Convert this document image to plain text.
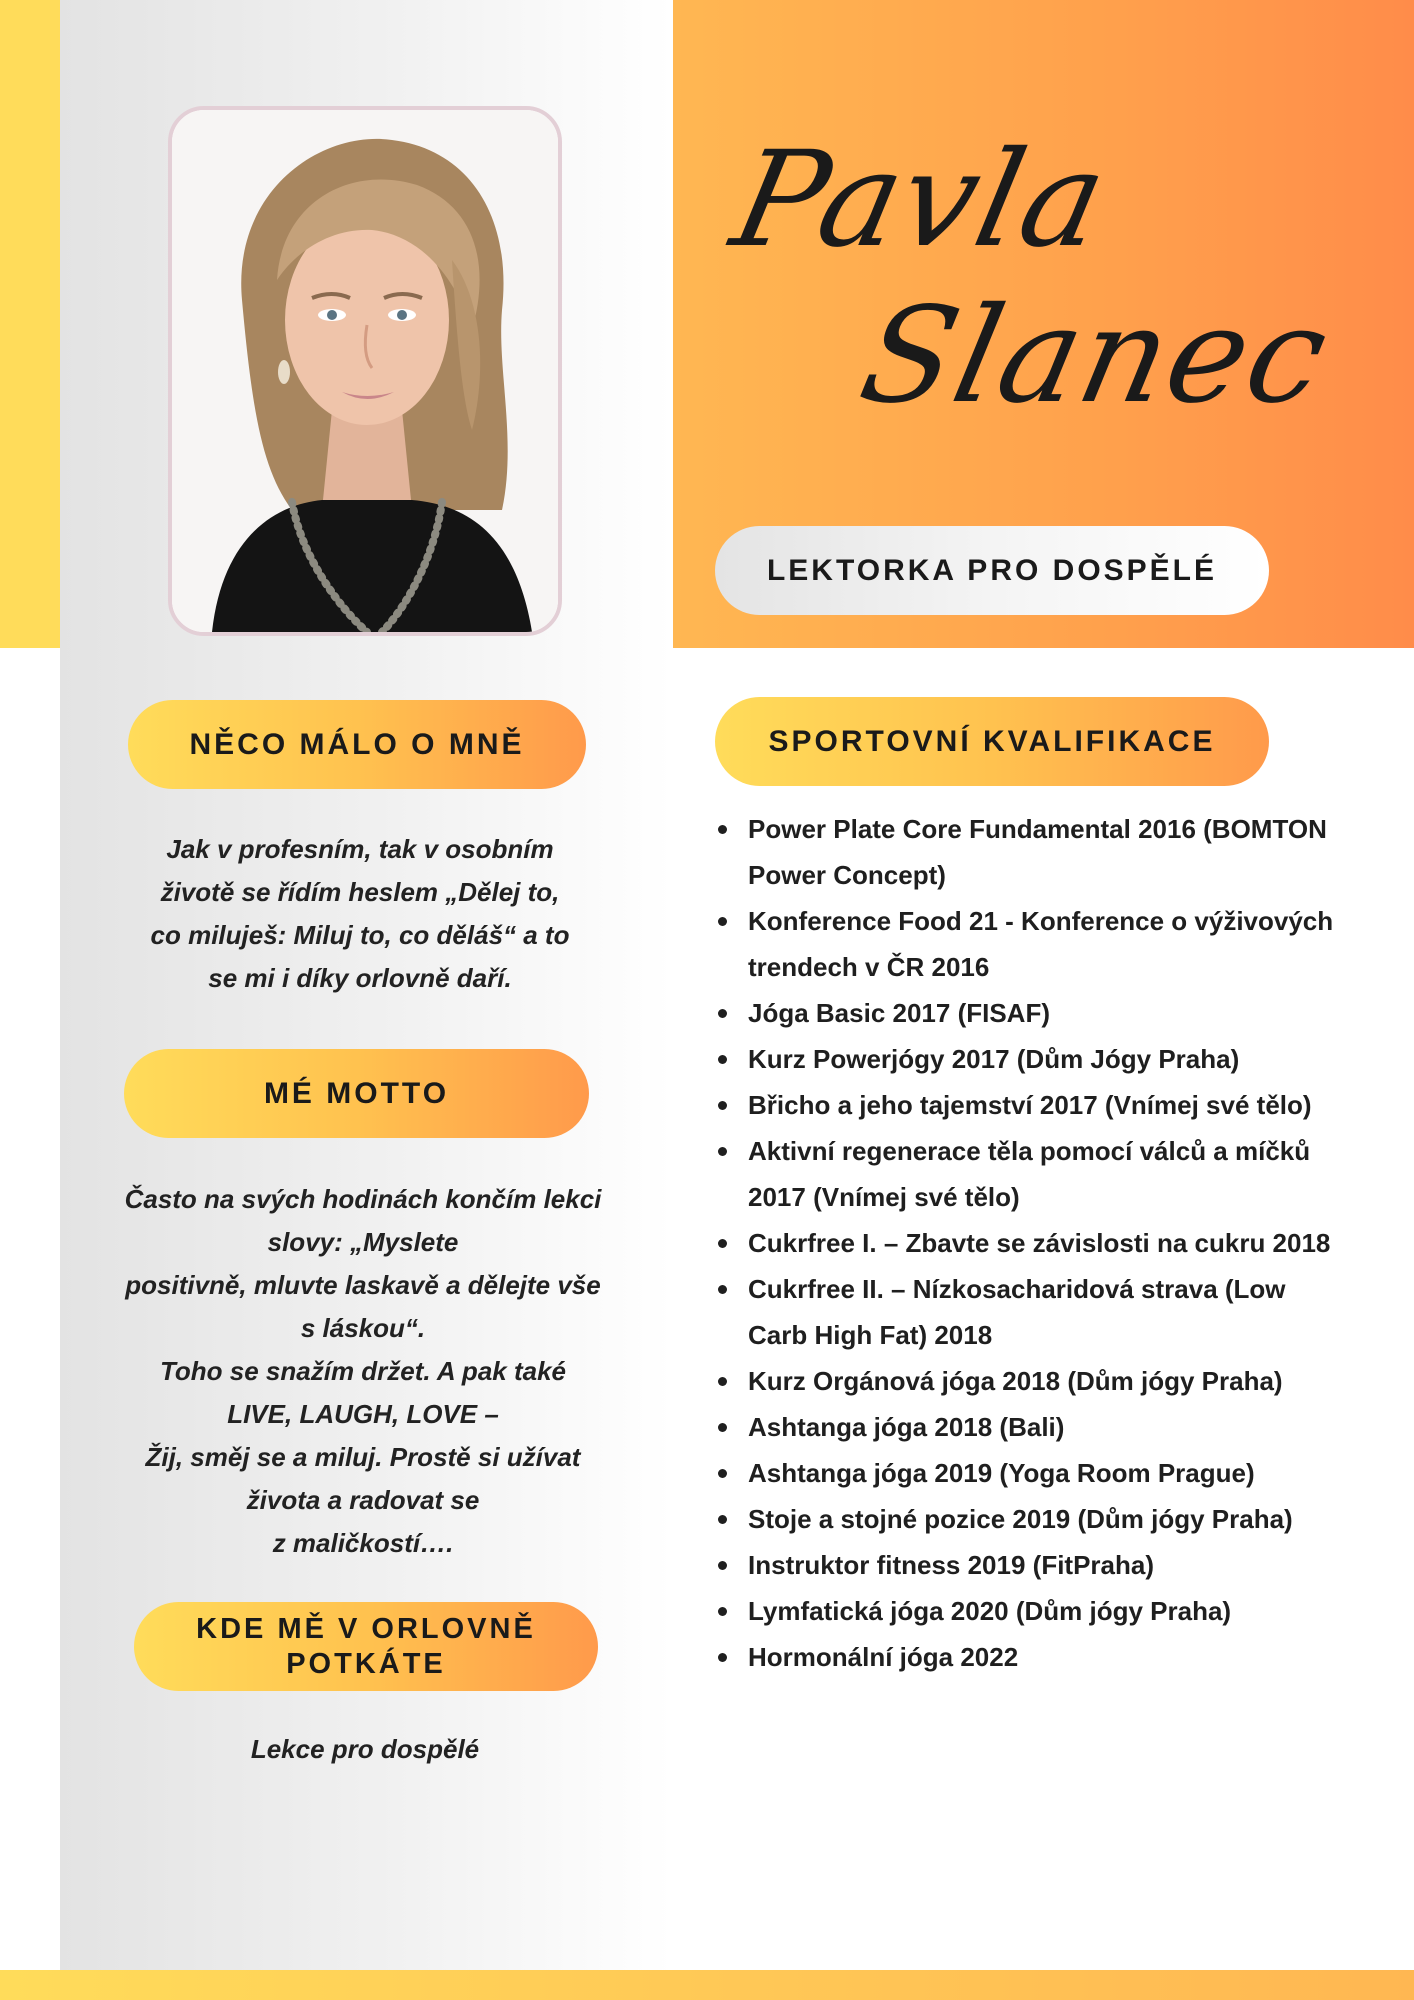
Pavla
Slanec
LEKTORKA PRO DOSPĚLÉ
NĚCO MÁLO O MNĚ
Jak v profesním, tak v osobním
životě se řídím heslem „Dělej to,
co miluješ: Miluj to, co děláš“ a to
se mi i díky orlovně daří.
MÉ MOTTO
Často na svých hodinách končím lekci
slovy: „Myslete
positivně, mluvte laskavě a dělejte vše
s láskou“.
Toho se snažím držet. A pak také
LIVE, LAUGH, LOVE –
Žij, směj se a miluj. Prostě si užívat
života a radovat se
z maličkostí….
KDE MĚ V ORLOVNĚ POTKÁTE
Lekce pro dospělé
SPORTOVNÍ KVALIFIKACE
Power Plate Core Fundamental 2016 (BOMTON
Power Concept)
Konference Food 21 - Konference o výživových
trendech v ČR 2016
Jóga Basic 2017 (FISAF)
Kurz Powerjógy 2017 (Dům Jógy Praha)
Břicho a jeho tajemství 2017 (Vnímej své tělo)
Aktivní regenerace těla pomocí válců a míčků
2017 (Vnímej své tělo)
Cukrfree I. – Zbavte se závislosti na cukru 2018
Cukrfree II. – Nízkosacharidová strava (Low
Carb High Fat) 2018
Kurz Orgánová jóga 2018 (Dům jógy Praha)
Ashtanga jóga 2018 (Bali)
Ashtanga jóga 2019 (Yoga Room Prague)
Stoje a stojné pozice 2019 (Dům jógy Praha)
Instruktor fitness 2019 (FitPraha)
Lymfatická jóga 2020 (Dům jógy Praha)
Hormonální jóga 2022
